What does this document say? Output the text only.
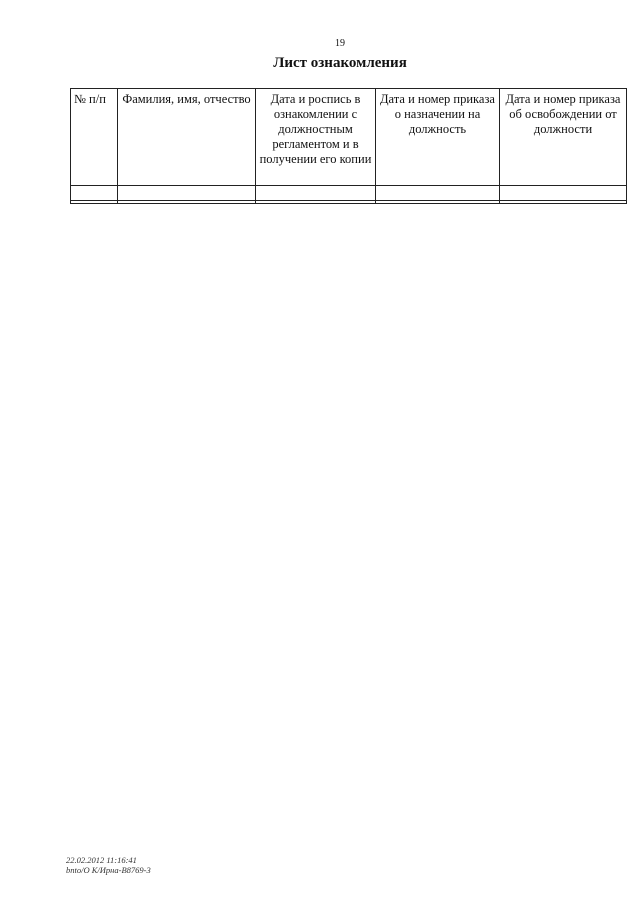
19
Лист ознакомления
№ п/п	Фамилия, имя, отчество	Дата и роспись в ознакомлении с должностным регламентом и в получении его копии	Дата и номер приказа о назначении на должность	Дата и номер приказа об освобождении от должности

22.02.2012 11:16:41
bnto/O K/Ирна-B8769-3
